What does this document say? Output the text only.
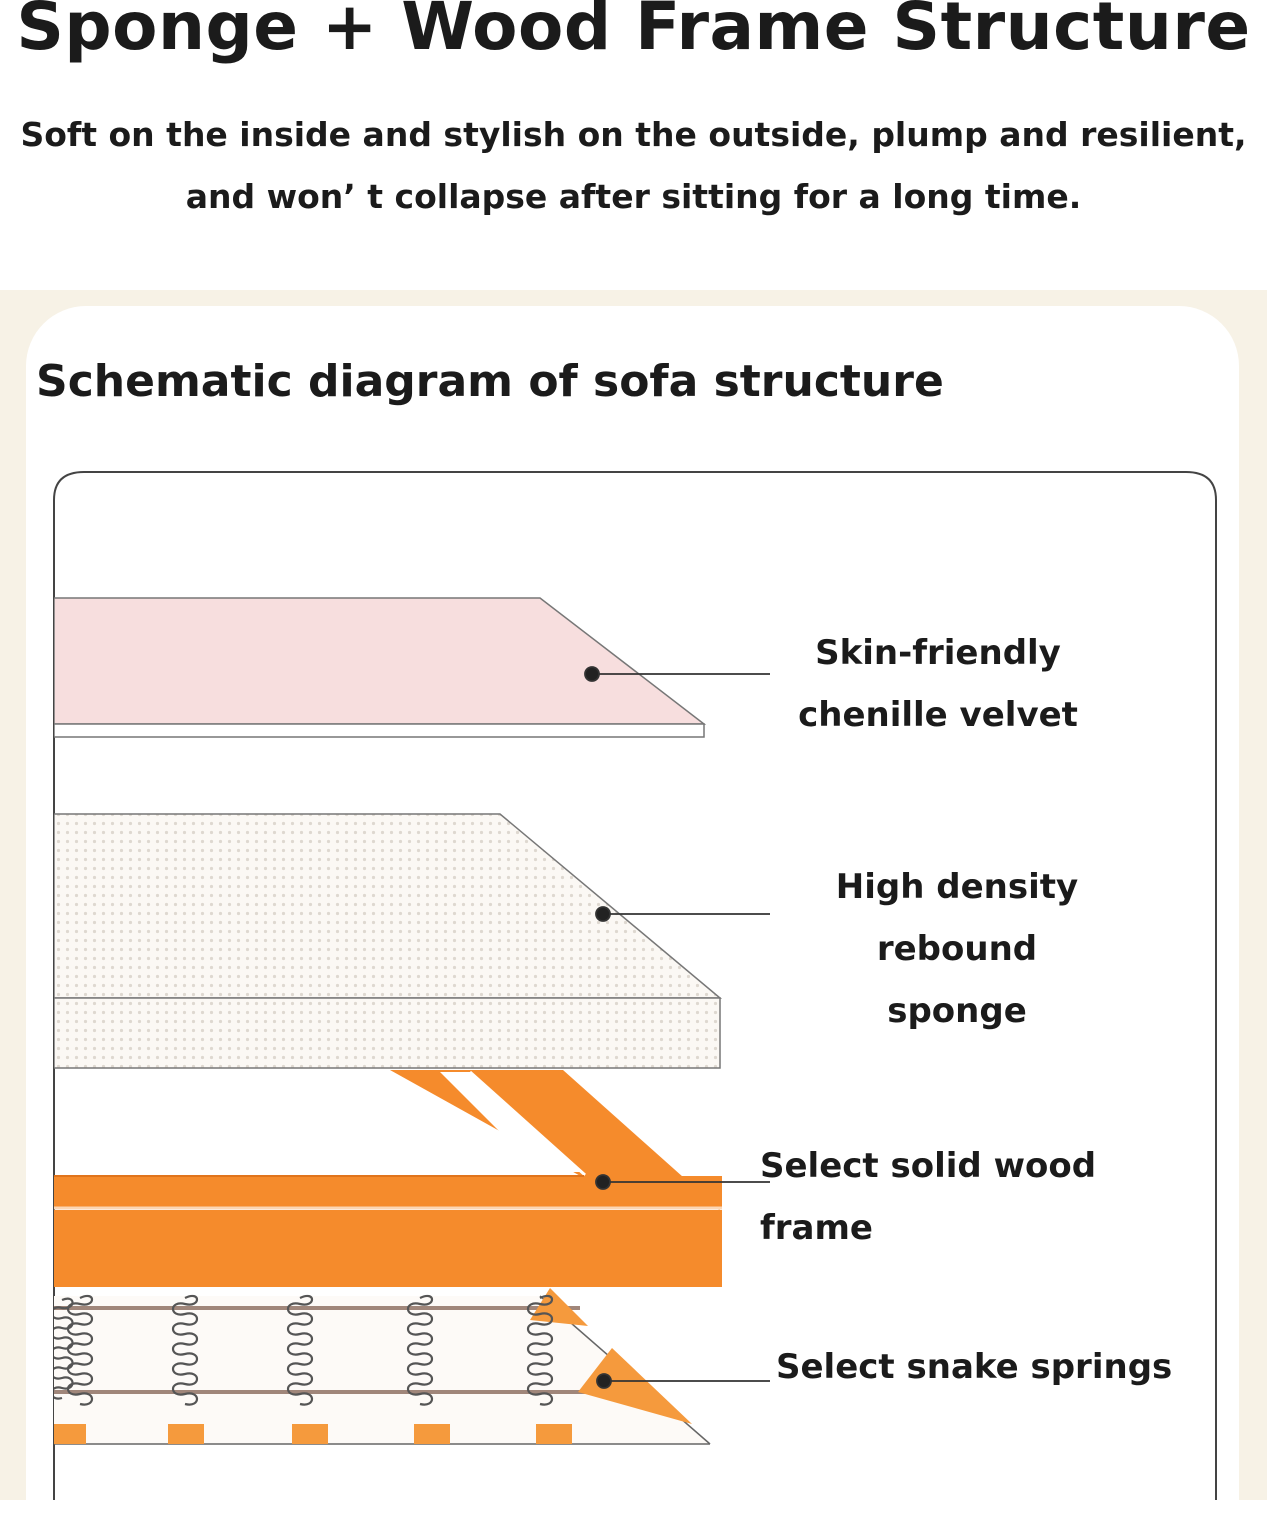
Sponge + Wood Frame Structure

Soft on the inside and stylish on the outside, plump and resilient,

and won’ t collapse after sitting for a long time.

Schematic diagram of sofa structure
Skin-friendly
chenille velvet
High density rebound
sponge
Select solid wood frame
Select snake springs
